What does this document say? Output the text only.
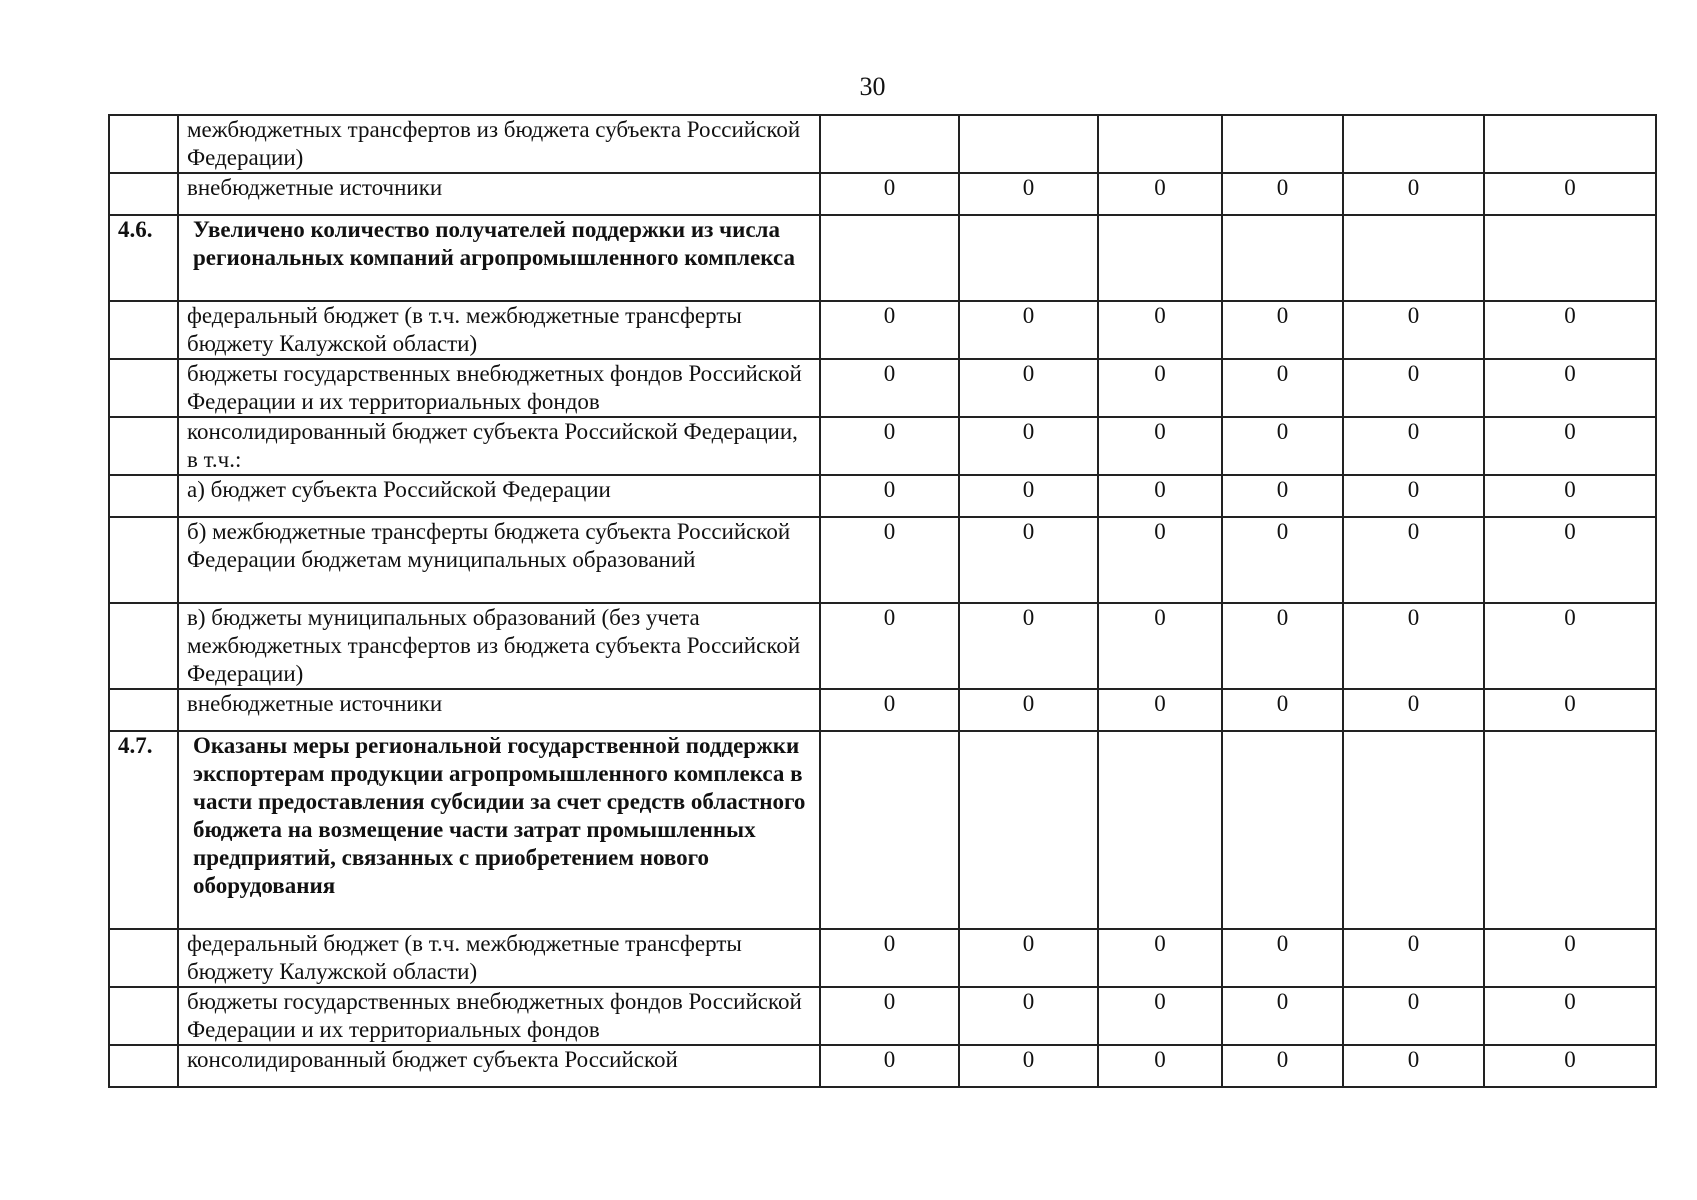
30
	межбюджетных трансфертов из бюджета субъекта Российской Федерации)						
	внебюджетные источники	0	0	0	0	0	0
4.6.	Увеличено количество получателей поддержки из числа региональных компаний агропромышленного комплекса						
	федеральный бюджет (в т.ч. межбюджетные трансферты бюджету Калужской области)	0	0	0	0	0	0
	бюджеты государственных внебюджетных фондов Российской Федерации и их территориальных фондов	0	0	0	0	0	0
	консолидированный бюджет субъекта Российской Федерации, в т.ч.:	0	0	0	0	0	0
	а) бюджет субъекта Российской Федерации	0	0	0	0	0	0
	б) межбюджетные трансферты бюджета субъекта Российской Федерации бюджетам муниципальных образований	0	0	0	0	0	0
	в) бюджеты муниципальных образований (без учета межбюджетных трансфертов из бюджета субъекта Российской Федерации)	0	0	0	0	0	0
	внебюджетные источники	0	0	0	0	0	0
4.7.	Оказаны меры региональной государственной поддержки экспортерам продукции агропромышленного комплекса в части предоставления субсидии за счет средств областного бюджета на возмещение части затрат промышленных предприятий, связанных с приобретением нового оборудования						
	федеральный бюджет (в т.ч. межбюджетные трансферты бюджету Калужской области)	0	0	0	0	0	0
	бюджеты государственных внебюджетных фондов Российской Федерации и их территориальных фондов	0	0	0	0	0	0
	консолидированный бюджет субъекта Российской	0	0	0	0	0	0
